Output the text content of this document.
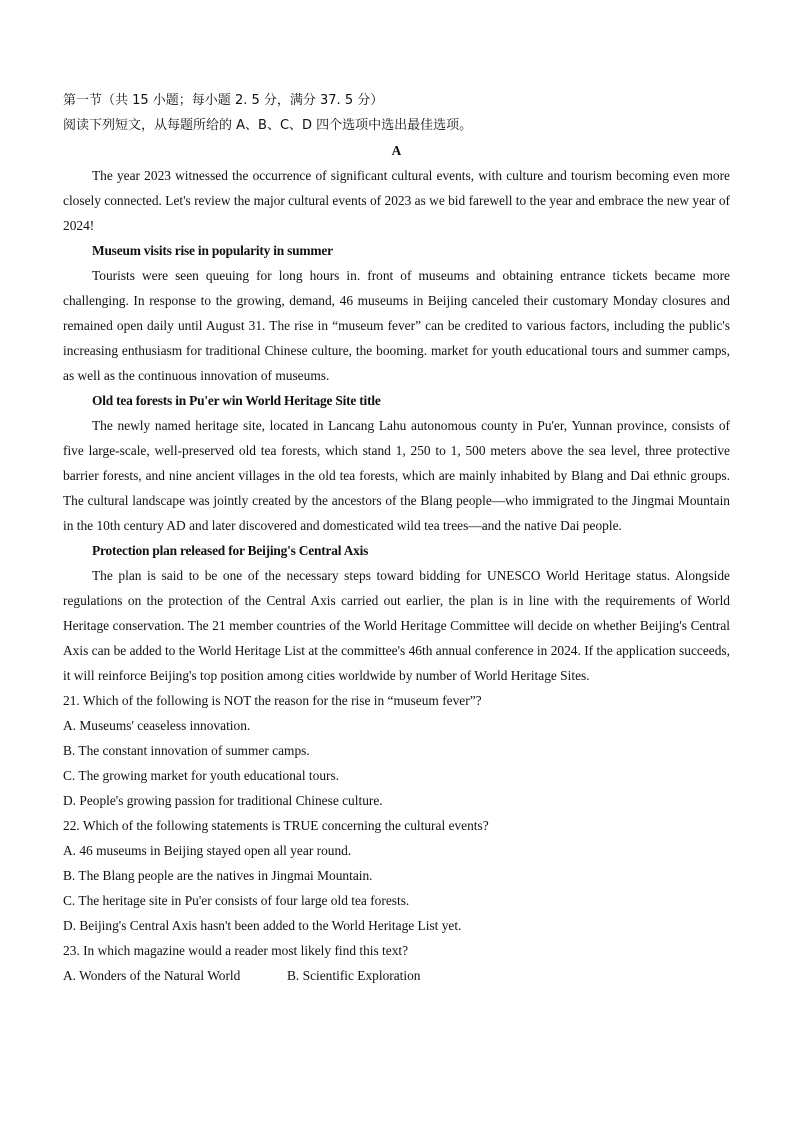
第一节（共 15 小题；每小题 2. 5 分，满分 37. 5 分）
阅读下列短文，从每题所给的 A、B、C、D 四个选项中选出最佳选项。
A

The year 2023 witnessed the occurrence of significant cultural events, with culture and tourism becoming even more closely connected. Let's review the major cultural events of 2023 as we bid farewell to the year and embrace the new year of 2024!

Museum visits rise in popularity in summer

Tourists were seen queuing for long hours in. front of museums and obtaining entrance tickets became more challenging. In response to the growing, demand, 46 museums in Beijing canceled their customary Monday closures and remained open daily until August 31. The rise in “museum fever” can be credited to various factors, including the public's increasing enthusiasm for traditional Chinese culture, the booming. market for youth educational tours and summer camps, as well as the continuous innovation of museums.

Old tea forests in Pu'er win World Heritage Site title

The newly named heritage site, located in Lancang Lahu autonomous county in Pu'er, Yunnan province, consists of five large-scale, well-preserved old tea forests, which stand 1, 250 to 1, 500 meters above the sea level, three protective barrier forests, and nine ancient villages in the old tea forests, which are mainly inhabited by Blang and Dai ethnic groups. The cultural landscape was jointly created by the ancestors of the Blang people—who immigrated to the Jingmai Mountain in the 10th century AD and later discovered and domesticated wild tea trees—and the native Dai people.

Protection plan released for Beijing's Central Axis

The plan is said to be one of the necessary steps toward bidding for UNESCO World Heritage status. Alongside regulations on the protection of the Central Axis carried out earlier, the plan is in line with the requirements of World Heritage conservation. The 21 member countries of the World Heritage Committee will decide on whether Beijing's Central Axis can be added to the World Heritage List at the committee's 46th annual conference in 2024. If the application succeeds, it will reinforce Beijing's top position among cities worldwide by number of World Heritage Sites.

21. Which of the following is NOT the reason for the rise in “museum fever”?
A. Museums' ceaseless innovation.
B. The constant innovation of summer camps.
C. The growing market for youth educational tours.
D. People's growing passion for traditional Chinese culture.
22. Which of the following statements is TRUE concerning the cultural events?
A. 46 museums in Beijing stayed open all year round.
B. The Blang people are the natives in Jingmai Mountain.
C. The heritage site in Pu'er consists of four large old tea forests.
D. Beijing's Central Axis hasn't been added to the World Heritage List yet.
23. In which magazine would a reader most likely find this text?
A. Wonders of the Natural World	B. Scientific Exploration
